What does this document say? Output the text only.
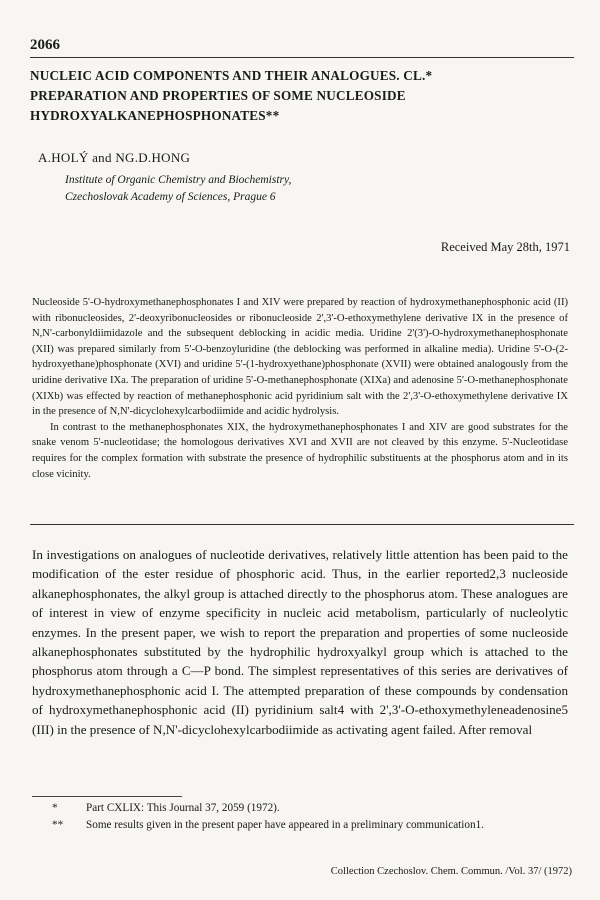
2066
NUCLEIC ACID COMPONENTS AND THEIR ANALOGUES. CL.*
PREPARATION AND PROPERTIES OF SOME NUCLEOSIDE
HYDROXYALKANEPHOSPHONATES**
A.HOLÝ and NG.D.HONG
Institute of Organic Chemistry and Biochemistry,
Czechoslovak Academy of Sciences, Prague 6
Received May 28th, 1971

Nucleoside 5'-O-hydroxymethanephosphonates I and XIV were prepared by reaction of hydroxymethanephosphonic acid (II) with ribonucleosides, 2'-deoxyribonucleosides or ribonucleoside 2',3'-O-ethoxymethylene derivative IX in the presence of N,N'-carbonyldiimidazole and the subsequent deblocking in acidic media. Uridine 2'(3')-O-hydroxymethanephosphonate (XII) was prepared similarly from 5'-O-benzoyluridine (the deblocking was performed in alkaline media). Uridine 5'-O-(2-hydroxyethane)phosphonate (XVI) and uridine 5'-(1-hydroxyethane)phosphonate (XVII) were obtained analogously from the uridine derivative IXa. The preparation of uridine 5'-O-methanephosphonate (XIXa) and adenosine 5'-O-methanephosphonate (XIXb) was effected by reaction of methanephosphonic acid pyridinium salt with the 2',3'-O-ethoxymethylene derivative IX in the presence of N,N'-dicyclohexylcarbodiimide and acidic hydrolysis.

In contrast to the methanephosphonates XIX, the hydroxymethanephosphonates I and XIV are good substrates for the snake venom 5'-nucleotidase; the homologous derivatives XVI and XVII are not cleaved by this enzyme. 5'-Nucleotidase requires for the complex formation with substrate the presence of hydrophilic substituents at the phosphorus atom and in its close vicinity.

In investigations on analogues of nucleotide derivatives, relatively little attention has been paid to the modification of the ester residue of phosphoric acid. Thus, in the earlier reported2,3 nucleoside alkanephosphonates, the alkyl group is attached directly to the phosphorus atom. These analogues are of interest in view of enzyme specificity in nucleic acid metabolism, particularly of nucleolytic enzymes. In the present paper, we wish to report the preparation and properties of some nucleoside alkanephosphonates substituted by the hydrophilic hydroxyalkyl group which is attached to the phosphorus atom through a C—P bond. The simplest representatives of this series are derivatives of hydroxymethanephosphonic acid I. The attempted preparation of these compounds by condensation of hydroxymethanephosphonic acid (II) pyridinium salt4 with 2',3'-O-ethoxymethyleneadenosine5 (III) in the presence of N,N'-dicyclohexylcarbodiimide as activating agent failed. After removal

*	Part CXLIX: This Journal 37, 2059 (1972).
** Some results given in the present paper have appeared in a preliminary communication1.
Collection Czechoslov. Chem. Commun. /Vol. 37/ (1972)
